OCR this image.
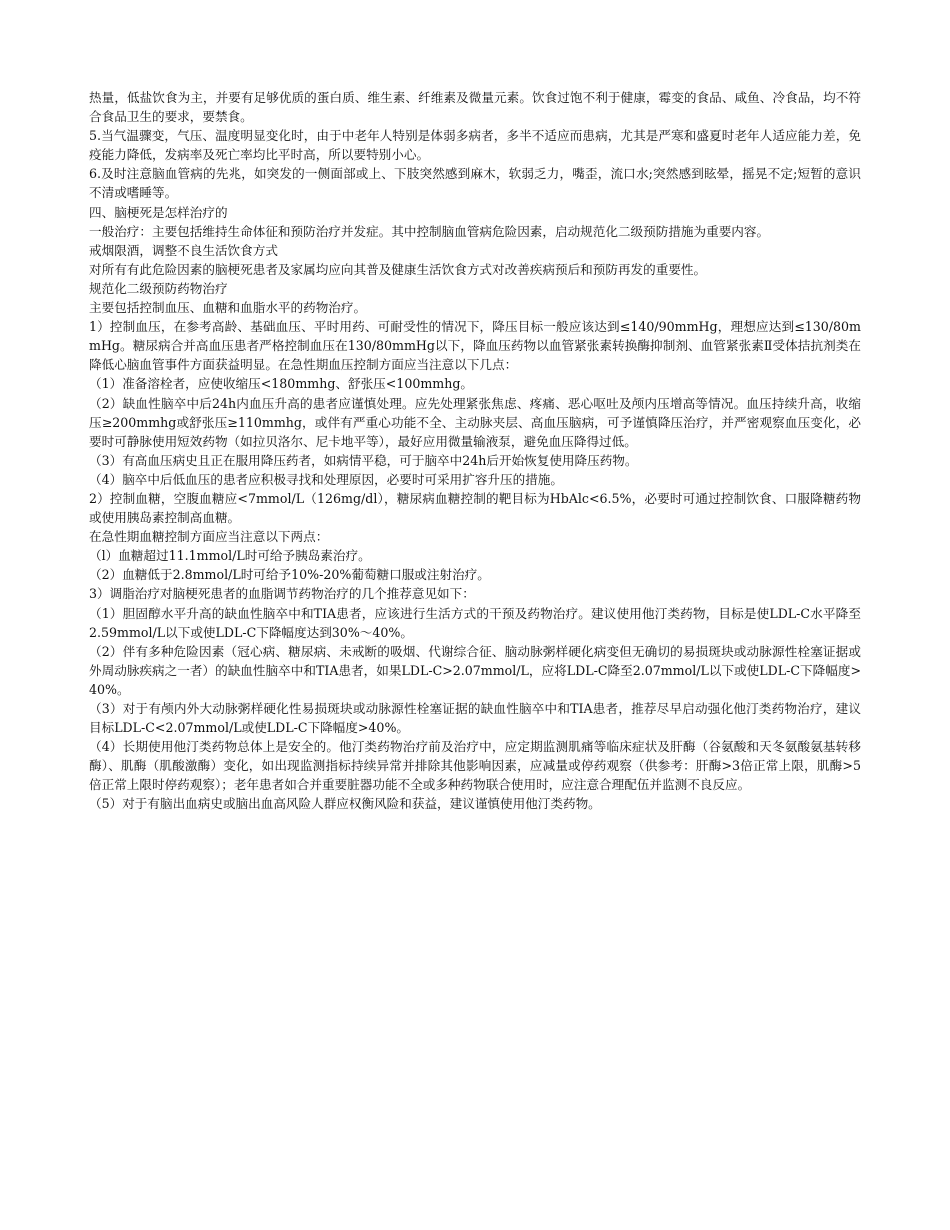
热量，低盐饮食为主，并要有足够优质的蛋白质、维生素、纤维素及微量元素。饮食过饱不利于健康，霉变的食品、咸鱼、冷食品，均不符合食品卫生的要求，要禁食。

5.当气温骤变，气压、温度明显变化时，由于中老年人特别是体弱多病者，多半不适应而患病，尤其是严寒和盛夏时老年人适应能力差，免疫能力降低，发病率及死亡率均比平时高，所以要特别小心。

6.及时注意脑血管病的先兆，如突发的一侧面部或上、下肢突然感到麻木，软弱乏力，嘴歪，流口水;突然感到眩晕，摇晃不定;短暂的意识不清或嗜睡等。

四、脑梗死是怎样治疗的

一般治疗：主要包括维持生命体征和预防治疗并发症。其中控制脑血管病危险因素，启动规范化二级预防措施为重要内容。

戒烟限酒，调整不良生活饮食方式

对所有有此危险因素的脑梗死患者及家属均应向其普及健康生活饮食方式对改善疾病预后和预防再发的重要性。

规范化二级预防药物治疗

主要包括控制血压、血糖和血脂水平的药物治疗。

1）控制血压，在参考高龄、基础血压、平时用药、可耐受性的情况下，降压目标一般应该达到≤140/90mmHg，理想应达到≤130/80mmHg。糖尿病合并高血压患者严格控制血压在130/80mmHg以下，降血压药物以血管紧张素转换酶抑制剂、血管紧张素Ⅱ受体拮抗剂类在降低心脑血管事件方面获益明显。在急性期血压控制方面应当注意以下几点：

（1）准备溶栓者，应使收缩压<180mmhg、舒张压<100mmhg。

（2）缺血性脑卒中后24h内血压升高的患者应谨慎处理。应先处理紧张焦虑、疼痛、恶心呕吐及颅内压增高等情况。血压持续升高，收缩压≥200mmhg或舒张压≥110mmhg，或伴有严重心功能不全、主动脉夹层、高血压脑病，可予谨慎降压治疗，并严密观察血压变化，必要时可静脉使用短效药物（如拉贝洛尔、尼卡地平等），最好应用微量输液泵，避免血压降得过低。

（3）有高血压病史且正在服用降压药者，如病情平稳，可于脑卒中24h后开始恢复使用降压药物。

（4）脑卒中后低血压的患者应积极寻找和处理原因，必要时可采用扩容升压的措施。

2）控制血糖，空腹血糖应<7mmol/L（126mg/dl），糖尿病血糖控制的靶目标为HbAlc<6.5%，必要时可通过控制饮食、口服降糖药物或使用胰岛素控制高血糖。

在急性期血糖控制方面应当注意以下两点：

（l）血糖超过11.1mmol/L时可给予胰岛素治疗。

（2）血糖低于2.8mmol/L时可给予10%-20%葡萄糖口服或注射治疗。

3）调脂治疗对脑梗死患者的血脂调节药物治疗的几个推荐意见如下：

（1）胆固醇水平升高的缺血性脑卒中和TIA患者，应该进行生活方式的干预及药物治疗。建议使用他汀类药物，目标是使LDL-C水平降至2.59mmol/L以下或使LDL-C下降幅度达到30%～40%。

（2）伴有多种危险因素（冠心病、糖尿病、未戒断的吸烟、代谢综合征、脑动脉粥样硬化病变但无确切的易损斑块或动脉源性栓塞证据或外周动脉疾病之一者）的缺血性脑卒中和TIA患者，如果LDL-C>2.07mmol/L，应将LDL-C降至2.07mmol/L以下或使LDL-C下降幅度>40%。

（3）对于有颅内外大动脉粥样硬化性易损斑块或动脉源性栓塞证据的缺血性脑卒中和TIA患者，推荐尽早启动强化他汀类药物治疗，建议目标LDL-C<2.07mmol/L或使LDL-C下降幅度>40%。

（4）长期使用他汀类药物总体上是安全的。他汀类药物治疗前及治疗中，应定期监测肌痛等临床症状及肝酶（谷氨酸和天冬氨酸氨基转移酶）、肌酶（肌酸激酶）变化，如出现监测指标持续异常并排除其他影响因素，应减量或停药观察（供参考：肝酶>3倍正常上限，肌酶>5倍正常上限时停药观察）；老年患者如合并重要脏器功能不全或多种药物联合使用时，应注意合理配伍并监测不良反应。

（5）对于有脑出血病史或脑出血高风险人群应权衡风险和获益，建议谨慎使用他汀类药物。
